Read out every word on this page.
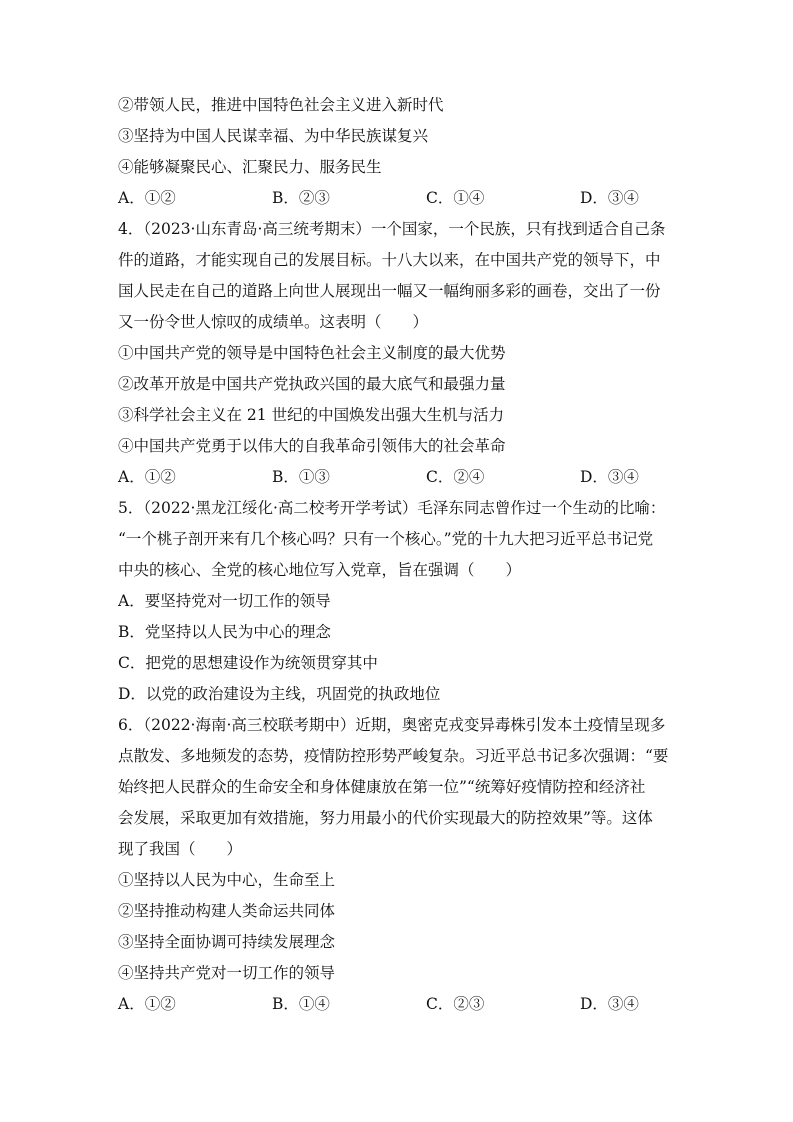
②带领人民，推进中国特色社会主义进入新时代
③坚持为中国人民谋幸福、为中华民族谋复兴
④能够凝聚民心、汇聚民力、服务民生
A．①②	B．②③	C．①④	D．③④
4．（2023·山东青岛·高三统考期末）一个国家，一个民族，只有找到适合自己条
件的道路，才能实现自己的发展目标。十八大以来，在中国共产党的领导下，中
国人民走在自己的道路上向世人展现出一幅又一幅绚丽多彩的画卷，交出了一份
又一份令世人惊叹的成绩单。这表明（　　）
①中国共产党的领导是中国特色社会主义制度的最大优势
②改革开放是中国共产党执政兴国的最大底气和最强力量
③科学社会主义在 21 世纪的中国焕发出强大生机与活力
④中国共产党勇于以伟大的自我革命引领伟大的社会革命
A．①②	B．①③	C．②④	D．③④
5．（2022·黑龙江绥化·高二校考开学考试）毛泽东同志曾作过一个生动的比喻：
“一个桃子剖开来有几个核心吗？只有一个核心。”党的十九大把习近平总书记党
中央的核心、全党的核心地位写入党章，旨在强调（　　）
A．要坚持党对一切工作的领导
B．党坚持以人民为中心的理念
C．把党的思想建设作为统领贯穿其中
D．以党的政治建设为主线，巩固党的执政地位
6．（2022·海南·高三校联考期中）近期，奥密克戎变异毒株引发本土疫情呈现多
点散发、多地频发的态势，疫情防控形势严峻复杂。习近平总书记多次强调：“要
始终把人民群众的生命安全和身体健康放在第一位”“统筹好疫情防控和经济社
会发展，采取更加有效措施，努力用最小的代价实现最大的防控效果”等。这体
现了我国（　　）
①坚持以人民为中心，生命至上
②坚持推动构建人类命运共同体
③坚持全面协调可持续发展理念
④坚持共产党对一切工作的领导
A．①②	B．①④	C．②③	D．③④
